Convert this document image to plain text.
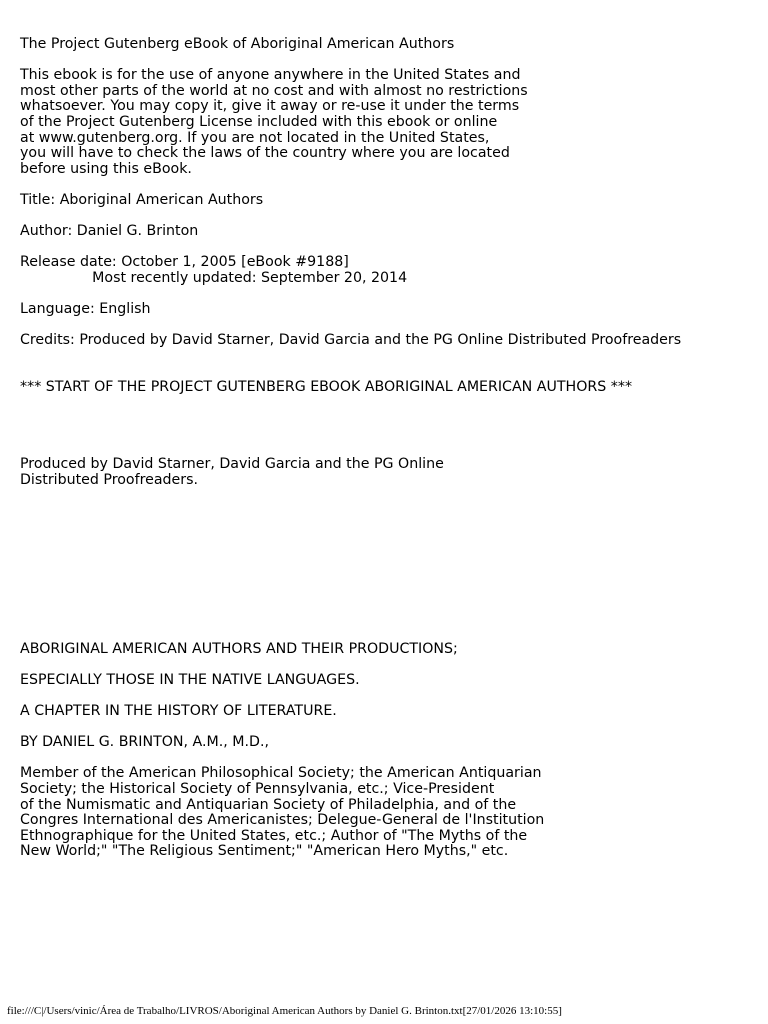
The Project Gutenberg eBook of Aboriginal American Authors

This ebook is for the use of anyone anywhere in the United States and

most other parts of the world at no cost and with almost no restrictions

whatsoever. You may copy it, give it away or re-use it under the terms

of the Project Gutenberg License included with this ebook or online

at www.gutenberg.org. If you are not located in the United States,

you will have to check the laws of the country where you are located

before using this eBook.

Title: Aboriginal American Authors

Author: Daniel G. Brinton

Release date: October 1, 2005 [eBook #9188]

Most recently updated: September 20, 2014

Language: English

Credits: Produced by David Starner, David Garcia and the PG Online Distributed Proofreaders

*** START OF THE PROJECT GUTENBERG EBOOK ABORIGINAL AMERICAN AUTHORS ***

Produced by David Starner, David Garcia and the PG Online

Distributed Proofreaders.

ABORIGINAL AMERICAN AUTHORS AND THEIR PRODUCTIONS;

ESPECIALLY THOSE IN THE NATIVE LANGUAGES.

A CHAPTER IN THE HISTORY OF LITERATURE.

BY DANIEL G. BRINTON, A.M., M.D.,

Member of the American Philosophical Society; the American Antiquarian

Society; the Historical Society of Pennsylvania, etc.; Vice-President

of the Numismatic and Antiquarian Society of Philadelphia, and of the

Congres International des Americanistes; Delegue-General de l'Institution

Ethnographique for the United States, etc.; Author of "The Myths of the

New World;" "The Religious Sentiment;" "American Hero Myths," etc.

file:///C|/Users/vinic/Área de Trabalho/LIVROS/Aboriginal American Authors by Daniel G. Brinton.txt[27/01/2026 13:10:55]
